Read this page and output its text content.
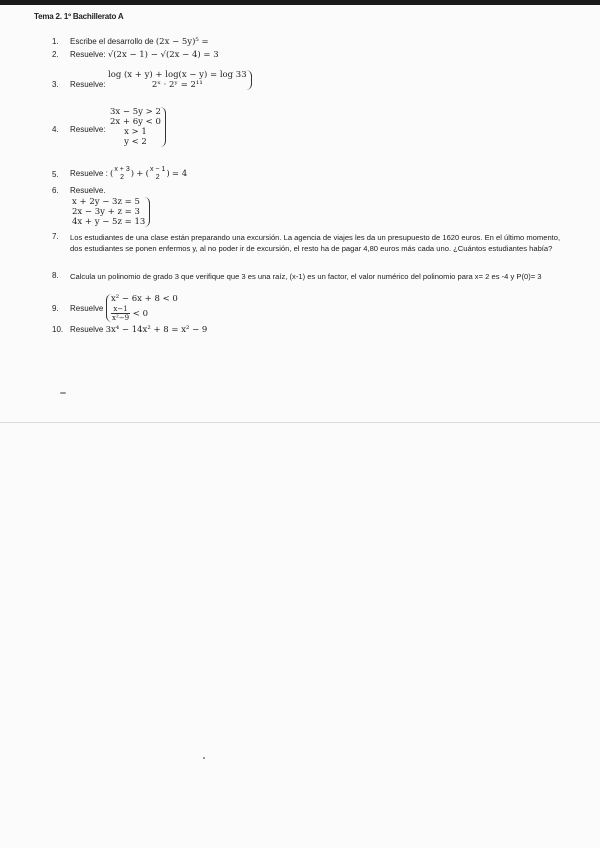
Tema 2. 1º Bachillerato A
1.	Escribe el desarrollo de (2x − 5y)⁵ =
2.	Resuelve: √(2x − 1) − √(2x − 4) = 3
3.	Resuelve:
log (x + y) + log(x − y) = log 33
2ˣ · 2ʸ = 2¹¹
4.	Resuelve:
3x − 5y > 2
2x + 6y < 0
x > 1
y < 2
5.	Resuelve : ( x + 3
2 ) + ( x − 1
2 ) = 4
6.	Resuelve.
x + 2y − 3z = 5
2x − 3y + z = 3
4x + y − 5z = 13
7.	Los estudiantes de una clase están preparando una excursión. La agencia de viajes les da un presupuesto de 1620 euros. En el último momento, dos estudiantes se ponen enfermos y, al no poder ir de excursión, el resto ha de pagar 4,80 euros más cada uno. ¿Cuántos estudiantes había?
8.	Calcula un polinomio de grado 3 que verifique que 3 es una raíz, (x-1) es un factor, el valor numérico del polinomio para x= 2 es -4 y P(0)= 3
9.	Resuelve
x² − 6x + 8 < 0
$\frac{x-1}{\text{x²−9}} < 0$
10. Resuelve 3x⁴ − 14x² + 8 = x² − 9
